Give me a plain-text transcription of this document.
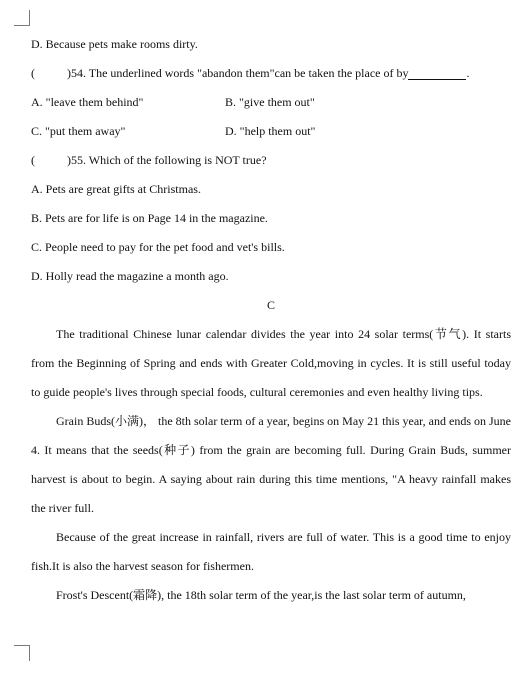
D. Because pets make rooms dirty.
(	)54. The underlined words "abandon them"can be taken the place of by	.
A. "leave them behind"	B. "give them out"
C. "put them away"	D. "help them out"
(	)55. Which of the following is NOT true?
A. Pets are great gifts at Christmas.
B. Pets are for life is on Page 14 in the magazine.
C. People need to pay for the pet food and vet's bills.
D. Holly read the magazine a month ago.
C

The traditional Chinese lunar calendar divides the year into 24 solar terms(节气). It starts from the Beginning of Spring and ends with Greater Cold,moving in cycles. It is still useful today to guide people's lives through special foods, cultural ceremonies and even healthy living tips.

Grain Buds(小满)， the 8th solar term of a year, begins on May 21 this year, and ends on June 4. It means that the seeds(种子) from the grain are becoming full. During Grain Buds, summer harvest is about to begin. A saying about rain during this time mentions, "A heavy rainfall makes the river full.

Because of the great increase in rainfall, rivers are full of water. This is a good time to enjoy fish.It is also the harvest season for fishermen.

Frost's Descent(霜降), the 18th solar term of the year,is the last solar term of autumn,
